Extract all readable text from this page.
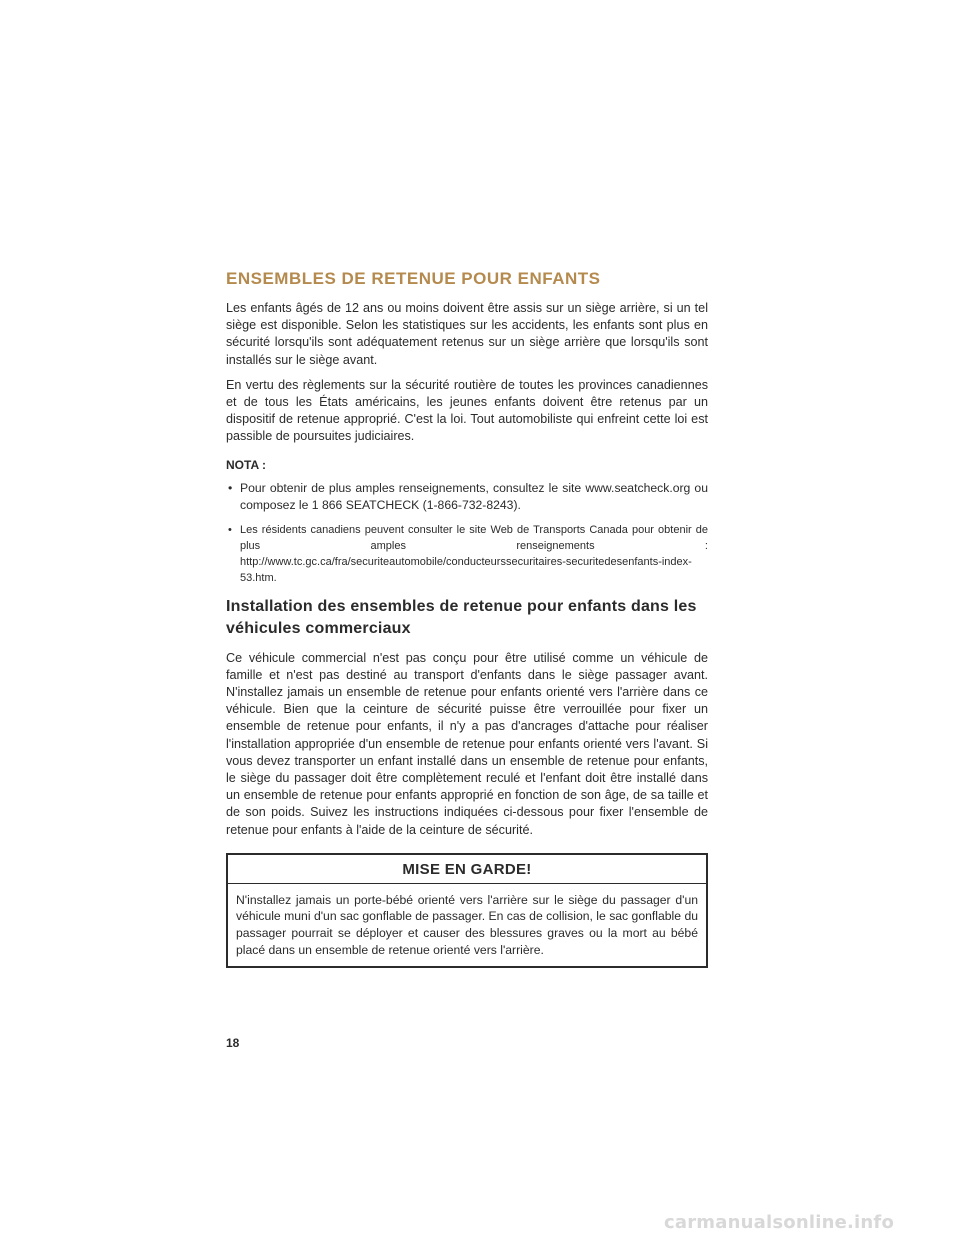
ENSEMBLES DE RETENUE POUR ENFANTS

Les enfants âgés de 12 ans ou moins doivent être assis sur un siège arrière, si un tel siège est disponible. Selon les statistiques sur les accidents, les enfants sont plus en sécurité lorsqu'ils sont adéquatement retenus sur un siège arrière que lorsqu'ils sont installés sur le siège avant.

En vertu des règlements sur la sécurité routière de toutes les provinces canadiennes et de tous les États américains, les jeunes enfants doivent être retenus par un dispositif de retenue approprié. C'est la loi. Tout automobiliste qui enfreint cette loi est passible de poursuites judiciaires.

NOTA :
• Pour obtenir de plus amples renseignements, consultez le site www.seatcheck.org ou composez le 1 866 SEATCHECK (1-866-732-8243).
• Les résidents canadiens peuvent consulter le site Web de Transports Canada pour obtenir de plus amples renseignements : http://www.tc.gc.ca/fra/securiteautomobile/conducteurssecuritaires-securitedesenfants-index-53.htm.
Installation des ensembles de retenue pour enfants dans les véhicules commerciaux

Ce véhicule commercial n'est pas conçu pour être utilisé comme un véhicule de famille et n'est pas destiné au transport d'enfants dans le siège passager avant. N'installez jamais un ensemble de retenue pour enfants orienté vers l'arrière dans ce véhicule. Bien que la ceinture de sécurité puisse être verrouillée pour fixer un ensemble de retenue pour enfants, il n'y a pas d'ancrages d'attache pour réaliser l'installation appropriée d'un ensemble de retenue pour enfants orienté vers l'avant. Si vous devez transporter un enfant installé dans un ensemble de retenue pour enfants, le siège du passager doit être complètement reculé et l'enfant doit être installé dans un ensemble de retenue pour enfants approprié en fonction de son âge, de sa taille et de son poids. Suivez les instructions indiquées ci-dessous pour fixer l'ensemble de retenue pour enfants à l'aide de la ceinture de sécurité.

MISE EN GARDE!
N'installez jamais un porte-bébé orienté vers l'arrière sur le siège du passager d'un véhicule muni d'un sac gonflable de passager. En cas de collision, le sac gonflable du passager pourrait se déployer et causer des blessures graves ou la mort au bébé placé dans un ensemble de retenue orienté vers l'arrière.
18
carmanualsonline.info
